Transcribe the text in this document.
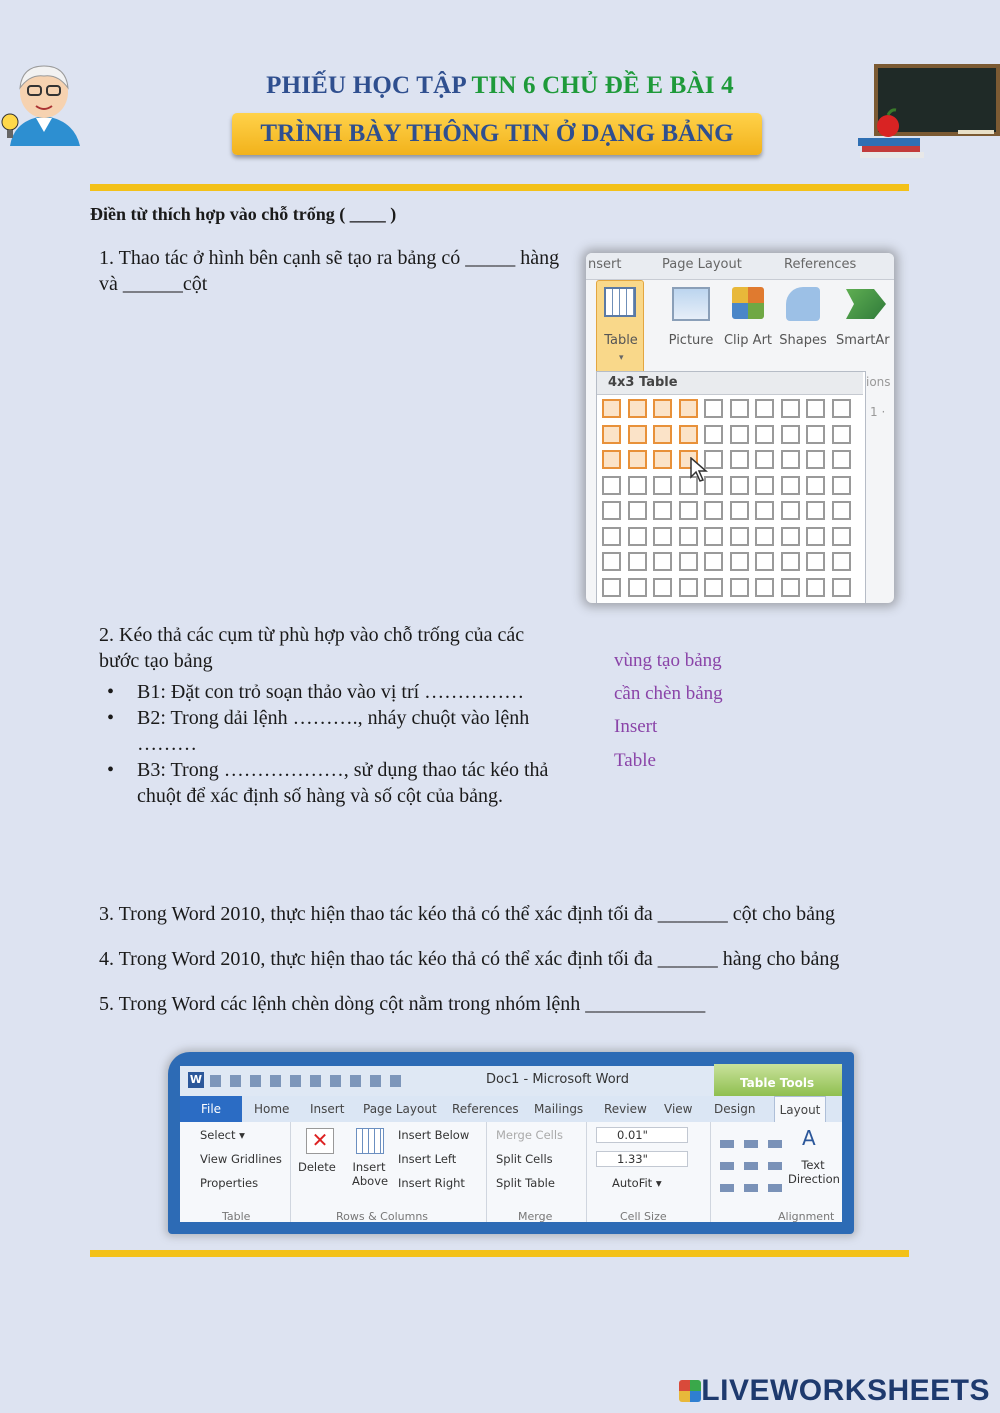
PHIẾU HỌC TẬP TIN 6 CHỦ ĐỀ E BÀI 4
TRÌNH BÀY THÔNG TIN Ở DẠNG BẢNG
Điền từ thích hợp vào chỗ trống ( ____ )
1. Thao tác ở hình bên cạnh sẽ tạo ra bảng có _____ hàng và ______cột
nsert	Page Layout	References
Table
▾
Picture Clip Art Shapes SmartAr
ions
1 ·
4x3 Table
2. Kéo thả các cụm từ phù hợp vào chỗ trống của các bước tạo bảng
• B1: Đặt con trỏ soạn thảo vào vị trí ……………
• B2: Trong dải lệnh ………., nháy chuột vào lệnh ………
• B3: Trong ………………, sử dụng thao tác kéo thả chuột để xác định số hàng và số cột của bảng.
vùng tạo bảng
cần chèn bảng
Insert
Table
3. Trong Word 2010, thực hiện thao tác kéo thả có thể xác định tối đa _______ cột cho bảng
4. Trong Word 2010, thực hiện thao tác kéo thả có thể xác định tối đa ______ hàng cho bảng
5. Trong Word các lệnh chèn dòng cột nằm trong nhóm lệnh ____________
W	Doc1 - Microsoft Word	Table Tools
File	Home Insert Page Layout References Mailings Review View Design	Layout
Select ▾
View Gridlines
Properties
✕
Delete Insert Above
Insert Below
Insert Left
Insert Right
Merge Cells
Split Cells
Split Table
0.01"
1.33"
AutoFit ▾
A
Text Direction
Table	Rows & Columns	Merge	Cell Size	Alignment
LIVEWORKSHEETS
